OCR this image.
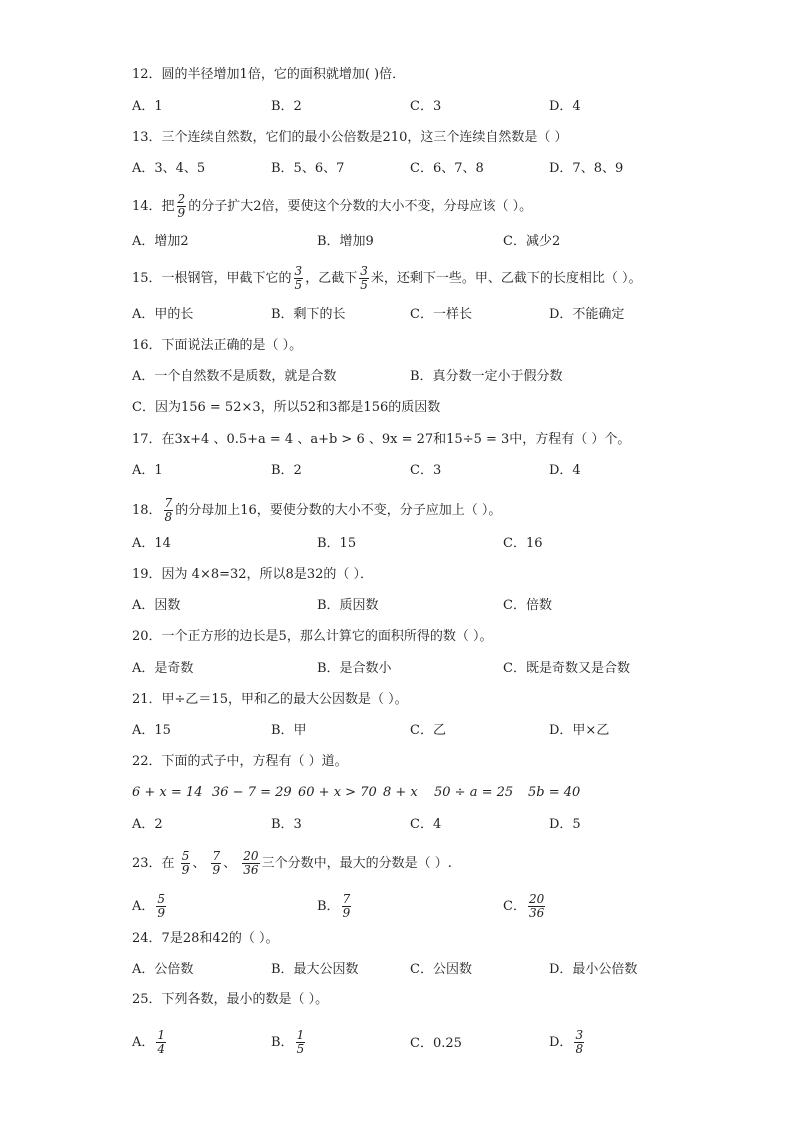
12．圆的半径增加1倍，它的面积就增加( )倍．
A．1	B．2	C．3	D．4
13．三个连续自然数，它们的最小公倍数是210，这三个连续自然数是（ ）
A．3、4、5	B．5、6、7	C．6、7、8	D．7、8、9
14．把 $\frac{2}{9}$ 的分子扩大2倍，要使这个分数的大小不变，分母应该（ ）。
A．增加2	B．增加9	C．减少2
15．一根钢管，甲截下它的 $\frac{3}{5}$ ，乙截下 $\frac{3}{5}$ 米，还剩下一些。甲、乙截下的长度相比（ ）。
A．甲的长	B．剩下的长	C．一样长	D．不能确定
16．下面说法正确的是（ ）。
A．一个自然数不是质数，就是合数	B．真分数一定小于假分数
C．因为156 = 52×3，所以52和3都是156的质因数
17．在3x+4 、0.5+a = 4 、a+b > 6 、9x = 27和15÷5 = 3中，方程有（ ）个。
A．1	B．2	C．3	D．4
18． $\frac{7}{8}$ 的分母加上16，要使分数的大小不变，分子应加上（ ）。
A．14	B．15	C．16
19．因为 4×8=32，所以8是32的（ ）．
A．因数	B．质因数	C．倍数
20．一个正方形的边长是5，那么计算它的面积所得的数（ ）。
A．是奇数	B．是合数小	C．既是奇数又是合数
21．甲÷乙＝15，甲和乙的最大公因数是（ ）。
A．15	B．甲	C．乙	D．甲×乙
22．下面的式子中，方程有（ ）道。
6 + x = 14 36 − 7 = 29 60 + x > 70 8 + x 50 ÷ a = 25 5b = 40
A．2	B．3	C．4	D．5
23．在 $\frac{5}{9}$ 、 $\frac{7}{9}$ 、 $\frac{20}{36}$ 三个分数中，最大的分数是（ ）.
A． $\frac{5}{9}$	B． $\frac{7}{9}$	C． $\frac{20}{36}$
24．7是28和42的（ ）。
A．公倍数	B．最大公因数	C．公因数	D．最小公倍数
25．下列各数，最小的数是（ ）。
A． $\frac{1}{4}$	B． $\frac{1}{5}$	C．0.25	D． $\frac{3}{8}$
